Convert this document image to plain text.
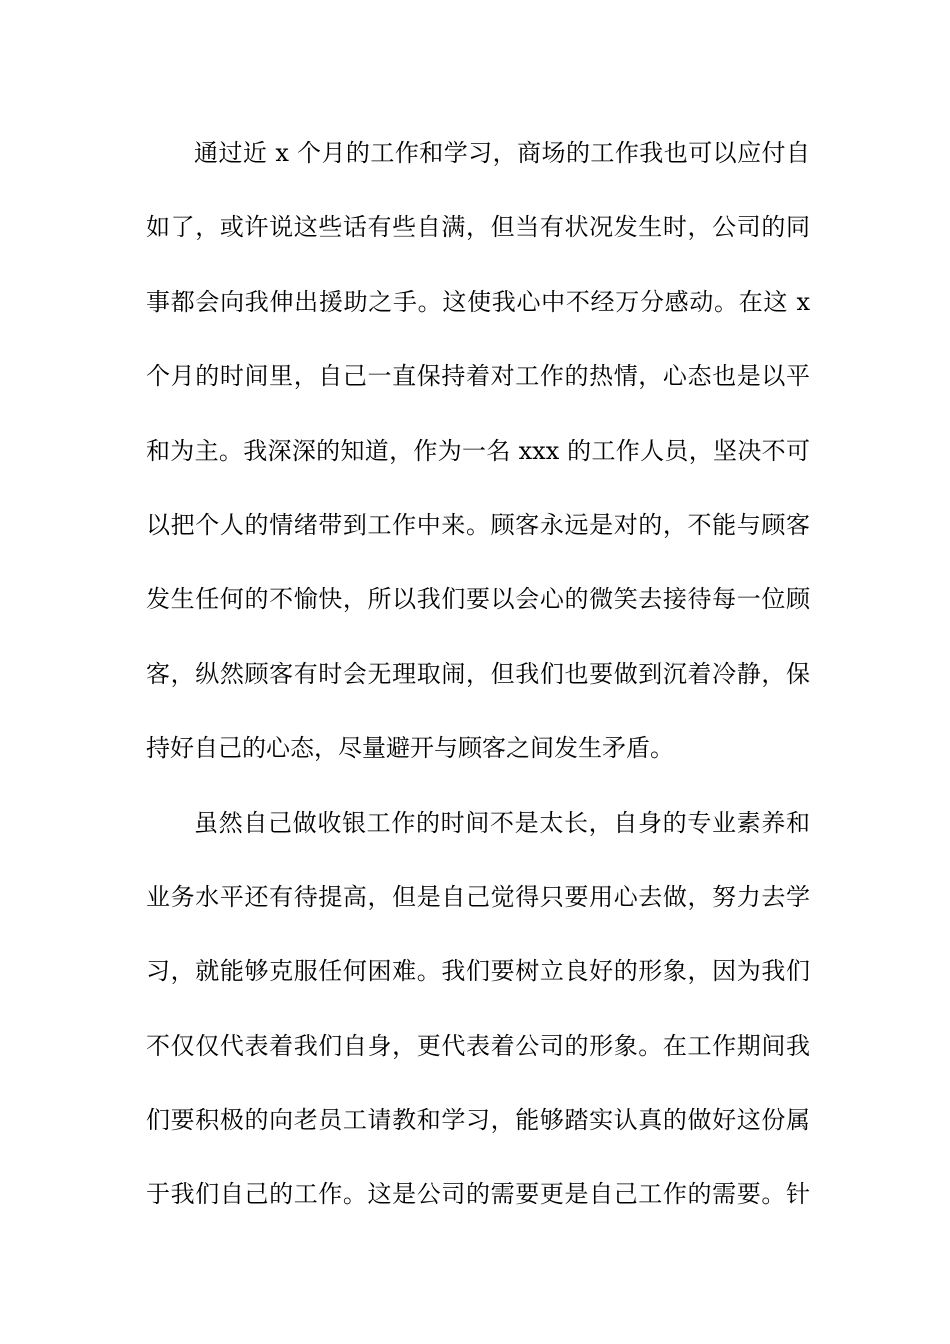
通过近 x 个月的工作和学习，商场的工作我也可以应付自
如了，或许说这些话有些自满，但当有状况发生时，公司的同
事都会向我伸出援助之手。这使我心中不经万分感动。在这 x
个月的时间里，自己一直保持着对工作的热情，心态也是以平
和为主。我深深的知道，作为一名 xxx 的工作人员，坚决不可
以把个人的情绪带到工作中来。顾客永远是对的，不能与顾客
发生任何的不愉快，所以我们要以会心的微笑去接待每一位顾
客，纵然顾客有时会无理取闹，但我们也要做到沉着冷静，保
持好自己的心态，尽量避开与顾客之间发生矛盾。
虽然自己做收银工作的时间不是太长，自身的专业素养和
业务水平还有待提高，但是自己觉得只要用心去做，努力去学
习，就能够克服任何困难。我们要树立良好的形象，因为我们
不仅仅代表着我们自身，更代表着公司的形象。在工作期间我
们要积极的向老员工请教和学习，能够踏实认真的做好这份属
于我们自己的工作。这是公司的需要更是自己工作的需要。针
